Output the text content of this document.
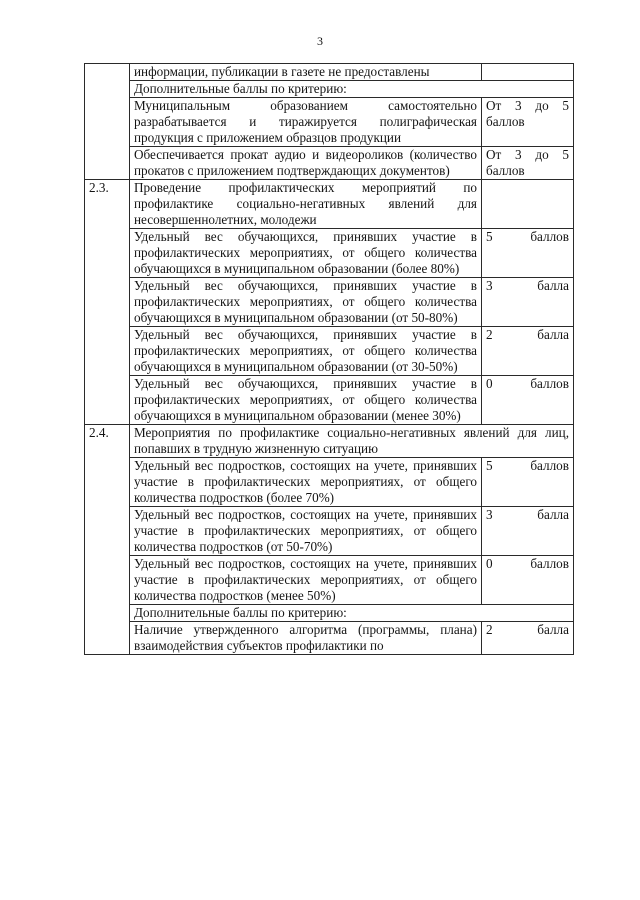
3
	информации, публикации в газете не предоставлены	
	Дополнительные баллы по критерию:	
	Муниципальным образованием самостоятельно разрабатывается и тиражируется полиграфическая продукция с приложением образцов продукции	От 3 до 5 баллов
	Обеспечивается прокат аудио и видеороликов (количество прокатов с приложением подтверждающих документов)	От 3 до 5 баллов
2.3.	Проведение профилактических мероприятий по профилактике социально-негативных явлений для несовершеннолетних, молодежи	
	Удельный вес обучающихся, принявших участие в профилактических мероприятиях, от общего количества обучающихся в муниципальном образовании (более 80%)	5 баллов
	Удельный вес обучающихся, принявших участие в профилактических мероприятиях, от общего количества обучающихся в муниципальном образовании (от 50-80%)	3 балла
	Удельный вес обучающихся, принявших участие в профилактических мероприятиях, от общего количества обучающихся в муниципальном образовании (от 30-50%)	2 балла
	Удельный вес обучающихся, принявших участие в профилактических мероприятиях, от общего количества обучающихся в муниципальном образовании (менее 30%)	0 баллов
2.4.	Мероприятия по профилактике социально-негативных явлений для лиц, попавших в трудную жизненную ситуацию	
	Удельный вес подростков, состоящих на учете, принявших участие в профилактических мероприятиях, от общего количества подростков (более 70%)	5 баллов
	Удельный вес подростков, состоящих на учете, принявших участие в профилактических мероприятиях, от общего количества подростков (от 50-70%)	3 балла
	Удельный вес подростков, состоящих на учете, принявших участие в профилактических мероприятиях, от общего количества подростков (менее 50%)	0 баллов
	Дополнительные баллы по критерию:	
	Наличие утвержденного алгоритма (программы, плана) взаимодействия субъектов профилактики по	2 балла
